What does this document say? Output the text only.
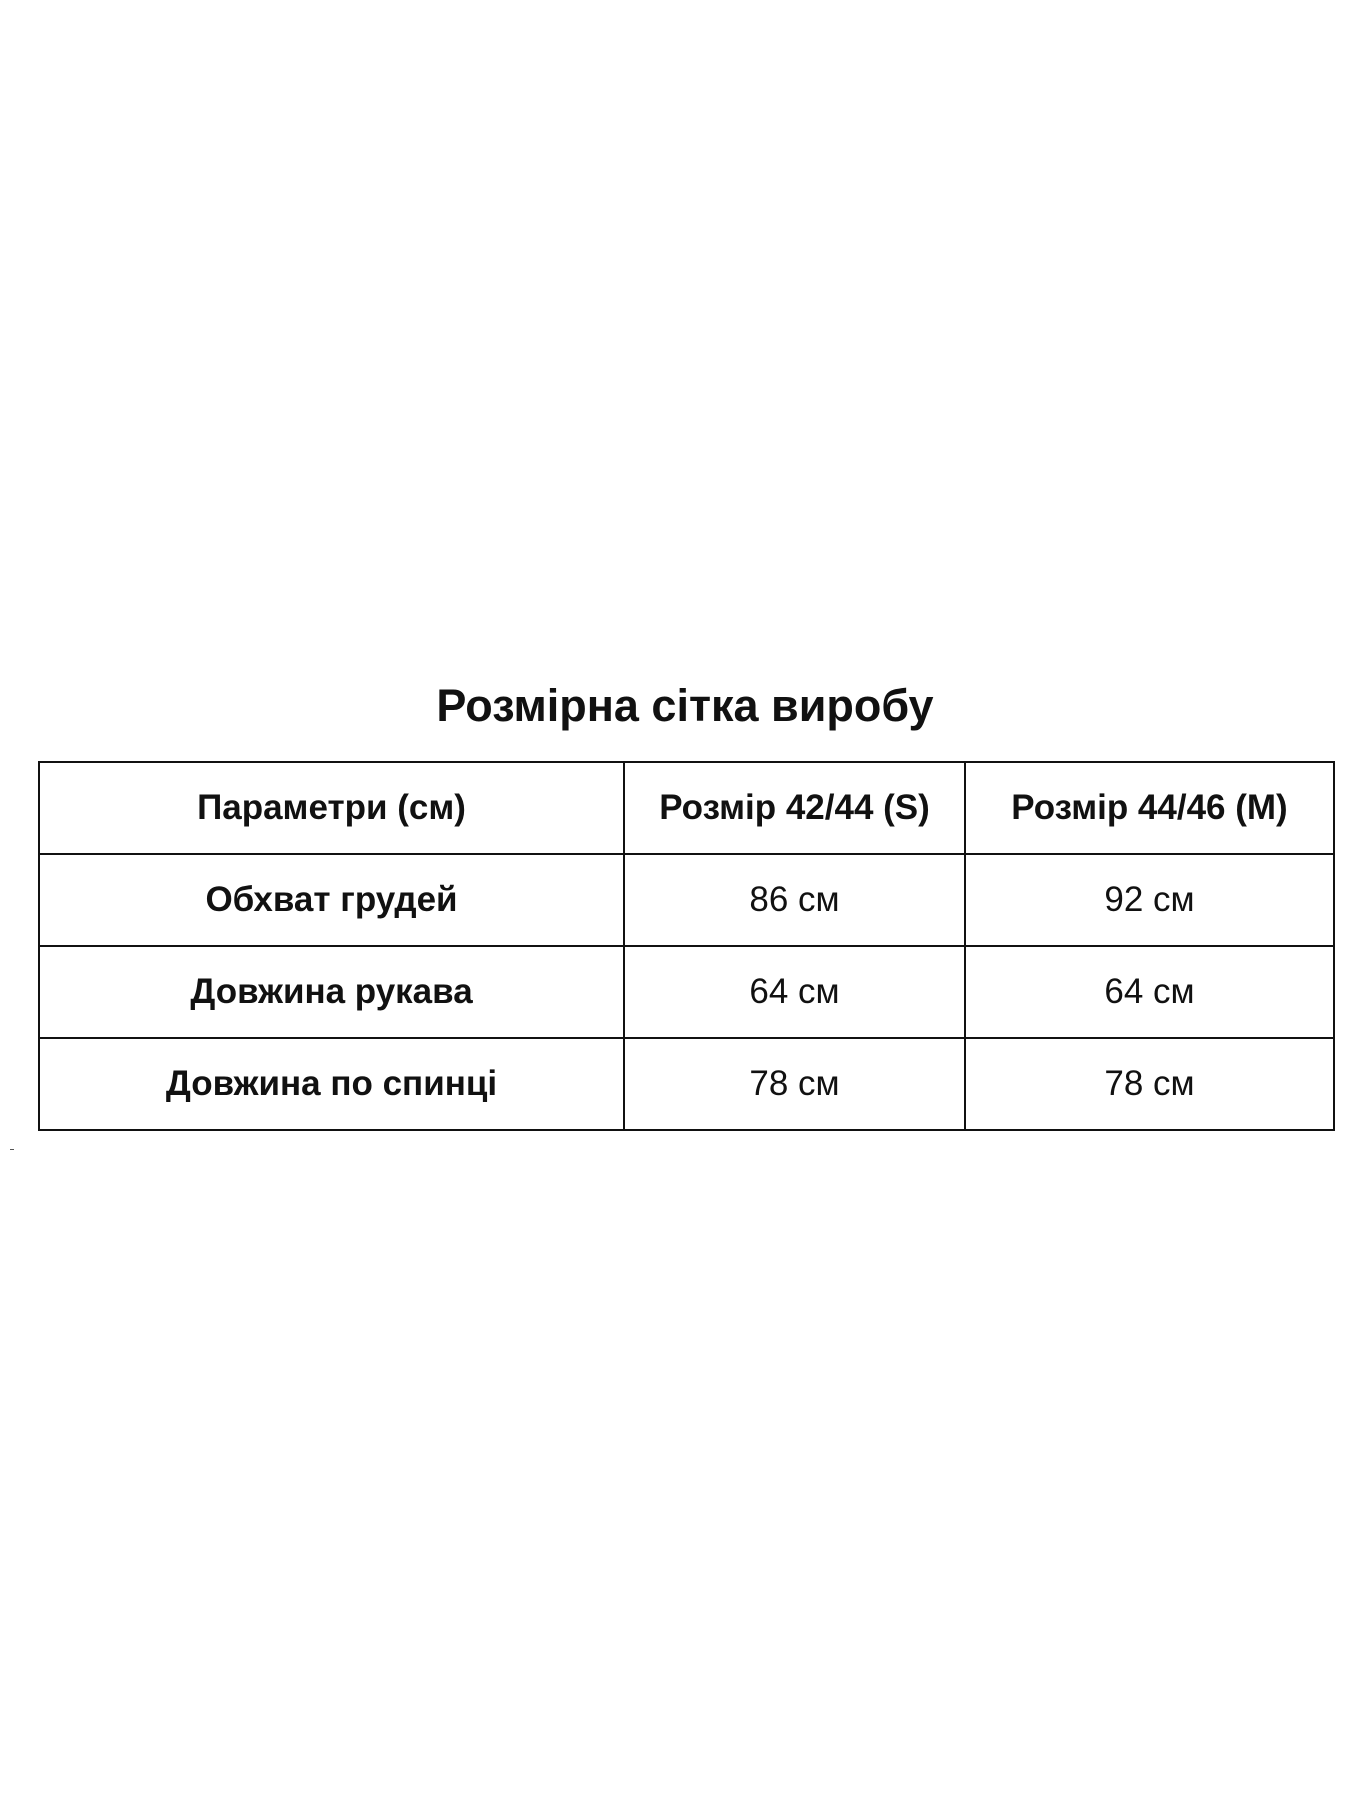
Розмірна сітка виробу
Параметри (см)	Розмір 42/44 (S)	Розмір 44/46 (M)
Обхват грудей	86 см	92 см
Довжина рукава	64 см	64 см
Довжина по спинці	78 см	78 см
